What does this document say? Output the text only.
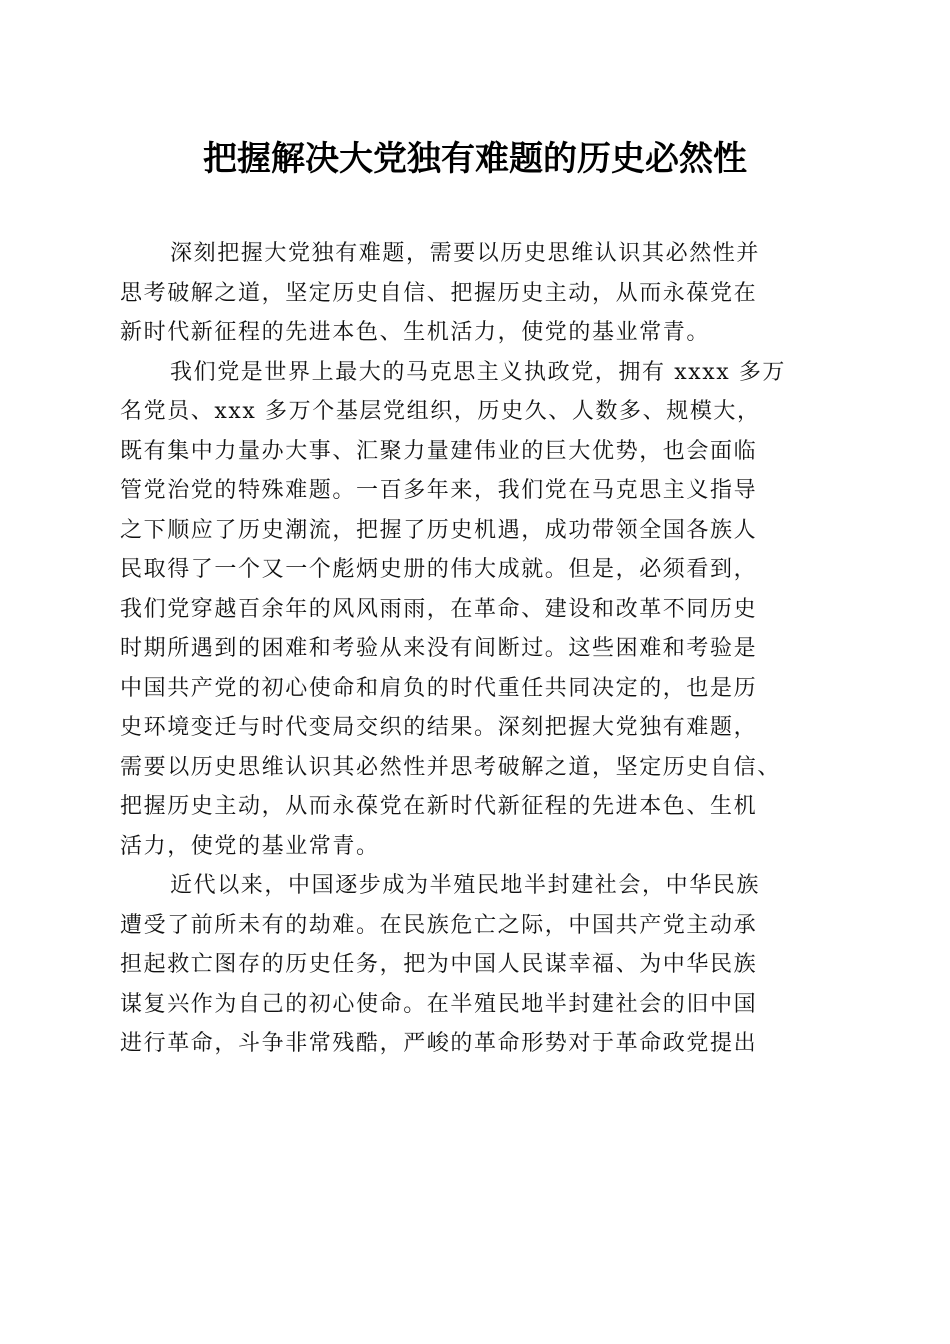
把握解决大党独有难题的历史必然性
深刻把握大党独有难题，需要以历史思维认识其必然性并
思考破解之道，坚定历史自信、把握历史主动，从而永葆党在
新时代新征程的先进本色、生机活力，使党的基业常青。
我们党是世界上最大的马克思主义执政党，拥有 xxxx 多万
名党员、xxx 多万个基层党组织，历史久、人数多、规模大，
既有集中力量办大事、汇聚力量建伟业的巨大优势，也会面临
管党治党的特殊难题。一百多年来，我们党在马克思主义指导
之下顺应了历史潮流，把握了历史机遇，成功带领全国各族人
民取得了一个又一个彪炳史册的伟大成就。但是，必须看到，
我们党穿越百余年的风风雨雨，在革命、建设和改革不同历史
时期所遇到的困难和考验从来没有间断过。这些困难和考验是
中国共产党的初心使命和肩负的时代重任共同决定的，也是历
史环境变迁与时代变局交织的结果。深刻把握大党独有难题，
需要以历史思维认识其必然性并思考破解之道，坚定历史自信、
把握历史主动，从而永葆党在新时代新征程的先进本色、生机
活力，使党的基业常青。
近代以来，中国逐步成为半殖民地半封建社会，中华民族
遭受了前所未有的劫难。在民族危亡之际，中国共产党主动承
担起救亡图存的历史任务，把为中国人民谋幸福、为中华民族
谋复兴作为自己的初心使命。在半殖民地半封建社会的旧中国
进行革命，斗争非常残酷，严峻的革命形势对于革命政党提出
